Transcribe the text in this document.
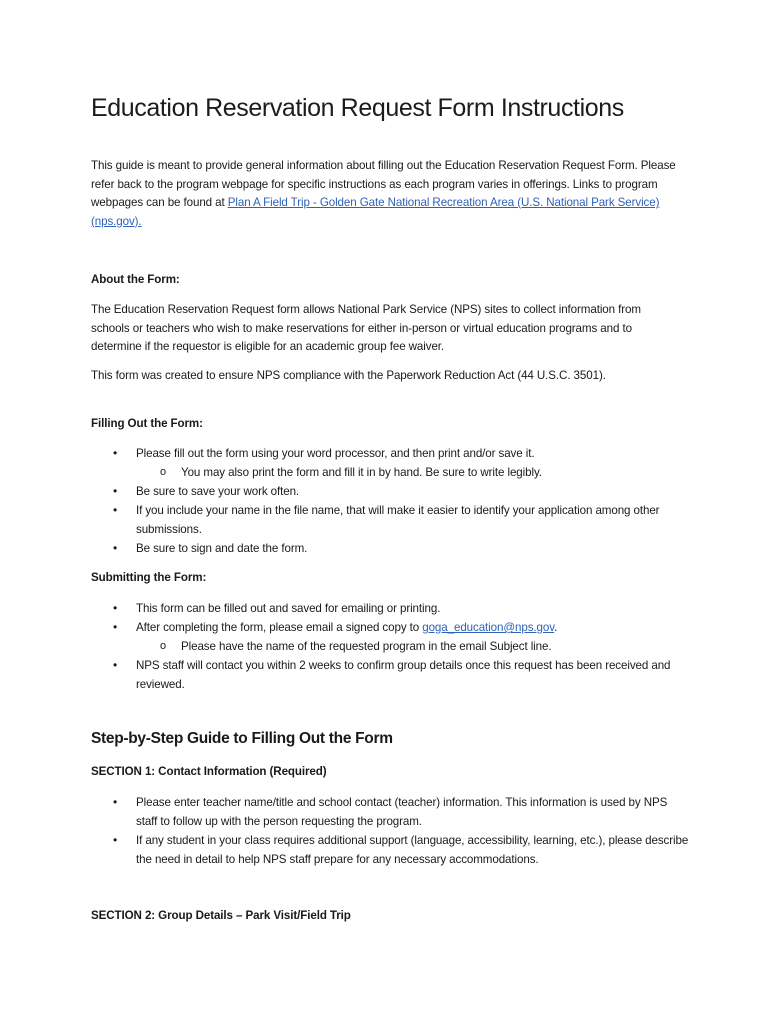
Education Reservation Request Form Instructions

This guide is meant to provide general information about filling out the Education Reservation Request Form. Please refer back to the program webpage for specific instructions as each program varies in offerings. Links to program webpages can be found at Plan A Field Trip - Golden Gate National Recreation Area (U.S. National Park Service) (nps.gov).

About the Form:

The Education Reservation Request form allows National Park Service (NPS) sites to collect information from schools or teachers who wish to make reservations for either in-person or virtual education programs and to determine if the requestor is eligible for an academic group fee waiver.

This form was created to ensure NPS compliance with the Paperwork Reduction Act (44 U.S.C. 3501).

Filling Out the Form:
• Please fill out the form using your word processor, and then print and/or save it.
o You may also print the form and fill it in by hand. Be sure to write legibly.
• Be sure to save your work often.
• If you include your name in the file name, that will make it easier to identify your application among other submissions.
• Be sure to sign and date the form.
Submitting the Form:
• This form can be filled out and saved for emailing or printing.
• After completing the form, please email a signed copy to goga_education@nps.gov.
o Please have the name of the requested program in the email Subject line.
• NPS staff will contact you within 2 weeks to confirm group details once this request has been received and reviewed.
Step-by-Step Guide to Filling Out the Form
SECTION 1: Contact Information (Required)
• Please enter teacher name/title and school contact (teacher) information. This information is used by NPS staff to follow up with the person requesting the program.
• If any student in your class requires additional support (language, accessibility, learning, etc.), please describe the need in detail to help NPS staff prepare for any necessary accommodations.
SECTION 2: Group Details – Park Visit/Field Trip
